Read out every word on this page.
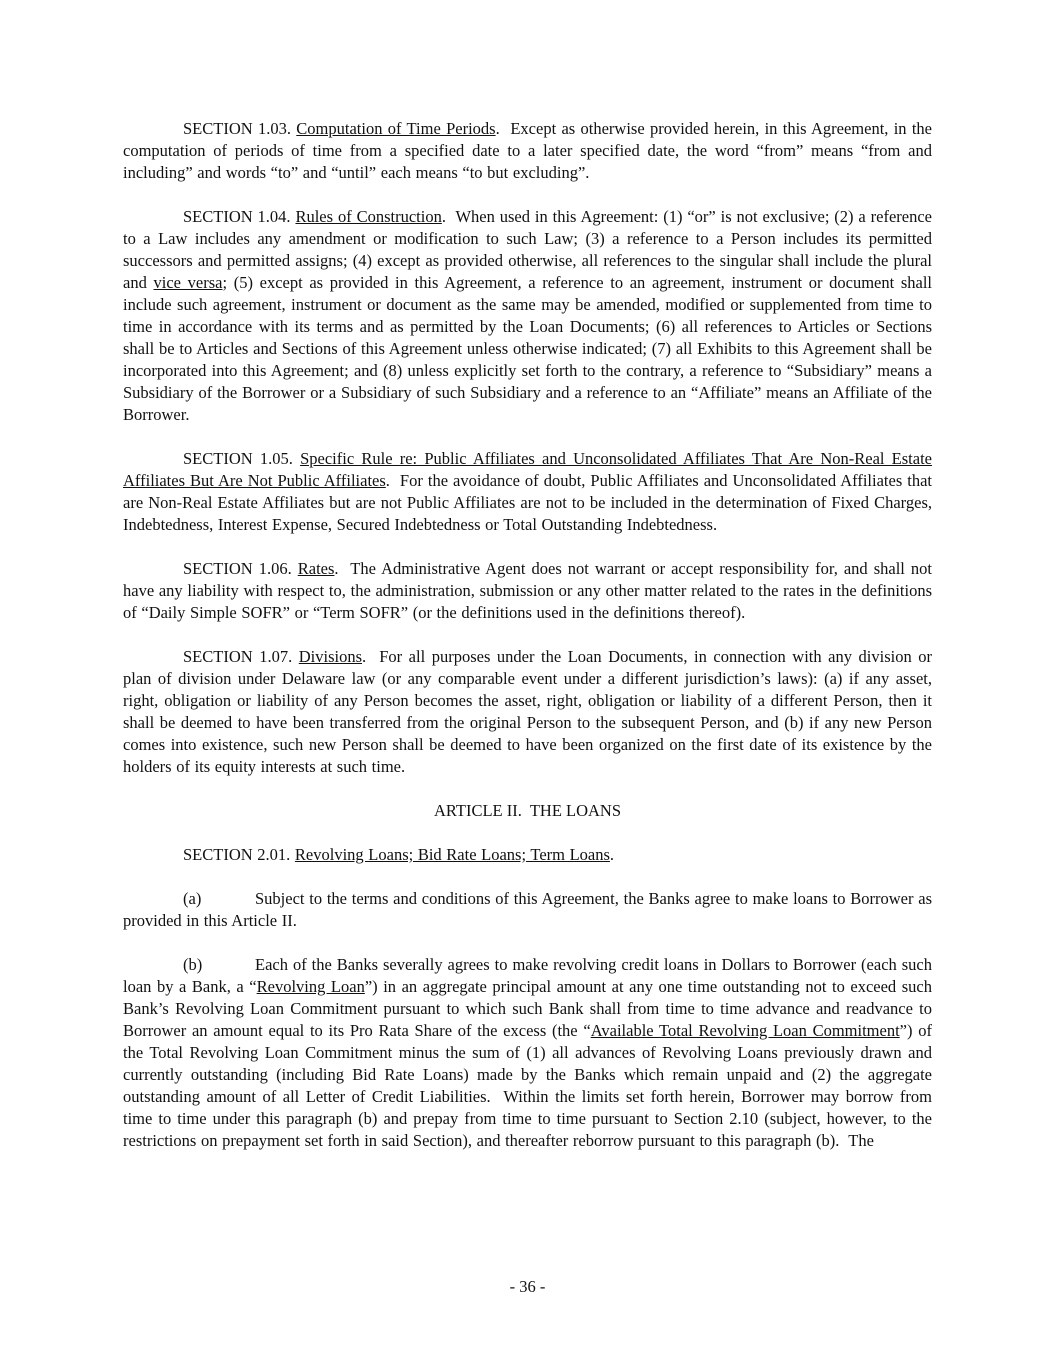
SECTION 1.03. Computation of Time Periods.  Except as otherwise provided herein, in this Agreement, in the computation of periods of time from a specified date to a later specified date, the word “from” means “from and including” and words “to” and “until” each means “to but excluding”.

SECTION 1.04. Rules of Construction.  When used in this Agreement: (1) “or” is not exclusive; (2) a reference to a Law includes any amendment or modification to such Law; (3) a reference to a Person includes its permitted successors and permitted assigns; (4) except as provided otherwise, all references to the singular shall include the plural and vice versa; (5) except as provided in this Agreement, a reference to an agreement, instrument or document shall include such agreement, instrument or document as the same may be amended, modified or supplemented from time to time in accordance with its terms and as permitted by the Loan Documents; (6) all references to Articles or Sections shall be to Articles and Sections of this Agreement unless otherwise indicated; (7) all Exhibits to this Agreement shall be incorporated into this Agreement; and (8) unless explicitly set forth to the contrary, a reference to “Subsidiary” means a Subsidiary of the Borrower or a Subsidiary of such Subsidiary and a reference to an “Affiliate” means an Affiliate of the Borrower.

SECTION 1.05. Specific Rule re: Public Affiliates and Unconsolidated Affiliates That Are Non-Real Estate Affiliates But Are Not Public Affiliates.  For the avoidance of doubt, Public Affiliates and Unconsolidated Affiliates that are Non-Real Estate Affiliates but are not Public Affiliates are not to be included in the determination of Fixed Charges, Indebtedness, Interest Expense, Secured Indebtedness or Total Outstanding Indebtedness.

SECTION 1.06. Rates.  The Administrative Agent does not warrant or accept responsibility for, and shall not have any liability with respect to, the administration, submission or any other matter related to the rates in the definitions of “Daily Simple SOFR” or “Term SOFR” (or the definitions used in the definitions thereof).

SECTION 1.07. Divisions.  For all purposes under the Loan Documents, in connection with any division or plan of division under Delaware law (or any comparable event under a different jurisdiction’s laws): (a) if any asset, right, obligation or liability of any Person becomes the asset, right, obligation or liability of a different Person, then it shall be deemed to have been transferred from the original Person to the subsequent Person, and (b) if any new Person comes into existence, such new Person shall be deemed to have been organized on the first date of its existence by the holders of its equity interests at such time.

ARTICLE II.  THE LOANS

SECTION 2.01. Revolving Loans; Bid Rate Loans; Term Loans.

(a)	Subject to the terms and conditions of this Agreement, the Banks agree to make loans to Borrower as provided in this Article II.

(b)	Each of the Banks severally agrees to make revolving credit loans in Dollars to Borrower (each such loan by a Bank, a “Revolving Loan”) in an aggregate principal amount at any one time outstanding not to exceed such Bank’s Revolving Loan Commitment pursuant to which such Bank shall from time to time advance and readvance to Borrower an amount equal to its Pro Rata Share of the excess (the “Available Total Revolving Loan Commitment”) of the Total Revolving Loan Commitment minus the sum of (1) all advances of Revolving Loans previously drawn and currently outstanding (including Bid Rate Loans) made by the Banks which remain unpaid and (2) the aggregate outstanding amount of all Letter of Credit Liabilities.  Within the limits set forth herein, Borrower may borrow from time to time under this paragraph (b) and prepay from time to time pursuant to Section 2.10 (subject, however, to the restrictions on prepayment set forth in said Section), and thereafter reborrow pursuant to this paragraph (b).  The

- 36 -
